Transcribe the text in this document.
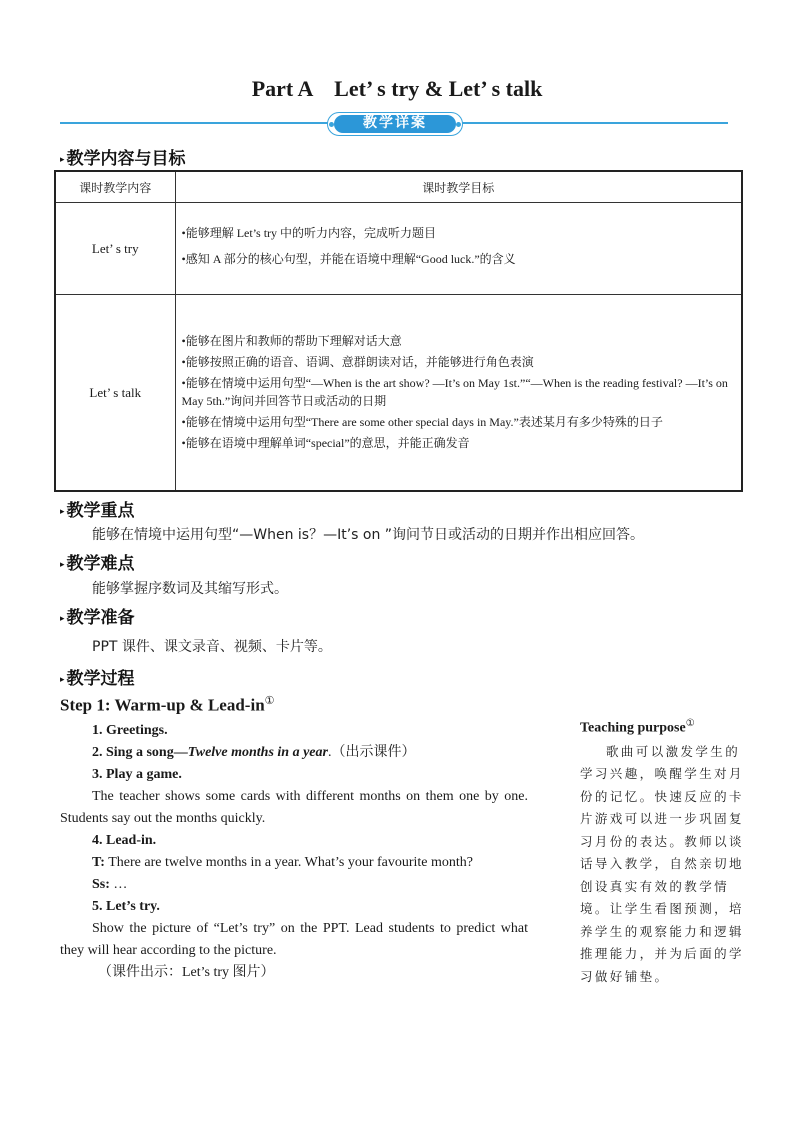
Part A    Let’ s try & Let’ s talk
教学详案
▸ 教学内容与目标
课时教学内容	课时教学目标
Let’ s try	•能够理解 Let’s try 中的听力内容，完成听力题目

•感知 A 部分的核心句型，并能在语境中理解“Good luck.”的含义

Let’ s talk	•能够在图片和教师的帮助下理解对话大意

•能够按照正确的语音、语调、意群朗读对话，并能够进行角色表演

•能够在情境中运用句型“—When is the art show? —It’s on May 1st.”“—When is the reading festival? —It’s on May 5th.”询问并回答节日或活动的日期

•能够在情境中运用句型“There are some other special days in May.”表述某月有多少特殊的日子

•能够在语境中理解单词“special”的意思，并能正确发音

▸ 教学重点
能够在情境中运用句型“—When is？—It’s on ”询问节日或活动的日期并作出相应回答。
▸ 教学难点
能够掌握序数词及其缩写形式。
▸ 教学准备
PPT 课件、课文录音、视频、卡片等。
▸ 教学过程
Step 1: Warm-up & Lead-in①
1. Greetings.
2. Sing a song—Twelve months in a year.（出示课件）
3. Play a game.
The teacher shows some cards with different months on them one by one. Students say out the months quickly.
4. Lead-in.
T: There are twelve months in a year. What’s your favourite month?
Ss: …
5. Let’s try.
Show the picture of “Let’s try” on the PPT. Lead students to predict what they will hear according to the picture.
（课件出示：Let’s try 图片）
Teaching purpose①
歌曲可以激发学生的学习兴趣，唤醒学生对月份的记忆。快速反应的卡片游戏可以进一步巩固复习月份的表达。教师以谈话导入教学，自然亲切地创设真实有效的教学情境。让学生看图预测，培养学生的观察能力和逻辑推理能力，并为后面的学习做好铺垫。
